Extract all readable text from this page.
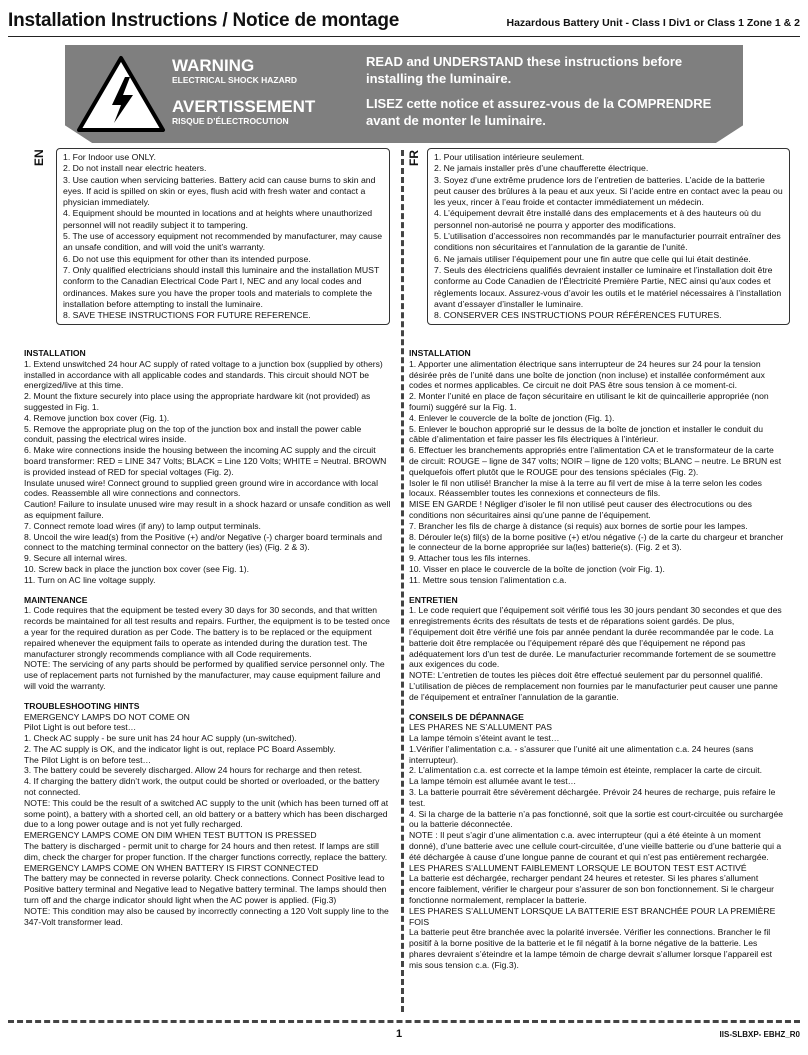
Installation Instructions / Notice de montage	Hazardous Battery Unit - Class I Div1 or Class 1 Zone 1 & 2
WARNING
ELECTRICAL SHOCK HAZARD
AVERTISSEMENT
RISQUE D’ÉLECTROCUTION
READ and UNDERSTAND these instructions before installing the luminaire.
LISEZ cette notice et assurez-vous de la COMPRENDRE avant de monter le luminaire.
EN	FR

1. For Indoor use ONLY.

2. Do not install near electric heaters.

3. Use caution when servicing batteries. Battery acid can cause burns to skin and eyes. If acid is spilled on skin or eyes, flush acid with fresh water and contact a physician immediately.

4. Equipment should be mounted in locations and at heights where unauthorized personnel will not readily subject it to tampering.

5. The use of accessory equipment not recommended by manufacturer, may cause an unsafe condition, and will void the unit’s warranty.

6. Do not use this equipment for other than its intended purpose.

7. Only qualified electricians should install this luminaire and the installation MUST conform to the Canadian Electrical Code Part I, NEC and any local codes and ordinances. Makes sure you have the proper tools and materials to complete the installation before attempting to install the luminaire.

8. SAVE THESE INSTRUCTIONS FOR FUTURE REFERENCE.

1. Pour utilisation intérieure seulement.

2. Ne jamais installer près d’une chaufferette électrique.

3. Soyez d’une extrême prudence lors de l’entretien de batteries. L’acide de la batterie peut causer des brûlures à la peau et aux yeux. Si l’acide entre en contact avec la peau ou les yeux, rincer à l’eau froide et contacter immédiatement un médecin.

4. L’équipement devrait être installé dans des emplacements et à des hauteurs où du personnel non-autorisé ne pourra y apporter des modifications.

5. L’utilisation d’accessoires non recommandés par le manufacturier pourrait entraîner des conditions non sécuritaires et l’annulation de la garantie de l’unité.

6. Ne jamais utiliser l’équipement pour une fin autre que celle qui lui était destinée.

7. Seuls des électriciens qualifiés devraient installer ce luminaire et l’installation doit être conforme au Code Canadien de l’Électricité Première Partie, NEC ainsi qu’aux codes et règlements locaux. Assurez-vous d’avoir les outils et le matériel nécessaires à l’installation avant d’essayer d’installer le luminaire.

8. CONSERVER CES INSTRUCTIONS POUR RÉFÉRENCES FUTURES.

INSTALLATION

1. Extend unswitched 24 hour AC supply of rated voltage to a junction box (supplied by others) installed in accordance with all applicable codes and standards. This circuit should NOT be energized/live at this time.

2. Mount the fixture securely into place using the appropriate hardware kit (not provided) as suggested in Fig. 1.

4. Remove junction box cover (Fig. 1).

5. Remove the appropriate plug on the top of the junction box and install the power cable conduit, passing the electrical wires inside.

6. Make wire connections inside the housing between the incoming AC supply and the circuit board transformer: RED = LINE 347 Volts; BLACK = Line 120 Volts; WHITE = Neutral. BROWN is provided instead of RED for special voltages (Fig. 2).

Insulate unused wire! Connect ground to supplied green ground wire in accordance with local codes. Reassemble all wire connections and connectors.

Caution! Failure to insulate unused wire may result in a shock hazard or unsafe condition as well as equipment failure.

7. Connect remote load wires (if any) to lamp output terminals.

8. Uncoil the wire lead(s) from the Positive (+) and/or Negative (-) charger board terminals and connect to the matching terminal connector on the battery (ies) (Fig. 2 & 3).

9. Secure all internal wires.

10. Screw back in place the junction box cover (see Fig. 1).

11. Turn on AC line voltage supply.

MAINTENANCE

1. Code requires that the equipment be tested every 30 days for 30 seconds, and that written records be maintained for all test results and repairs. Further, the equipment is to be tested once a year for the required duration as per Code. The battery is to be replaced or the equipment repaired whenever the equipment fails to operate as intended during the duration test. The manufacturer strongly recommends compliance with all Code requirements.

NOTE: The servicing of any parts should be performed by qualified service personnel only. The use of replacement parts not furnished by the manufacturer, may cause equipment failure and will void the warranty.

TROUBLESHOOTING HINTS

EMERGENCY LAMPS DO NOT COME ON

Pilot Light is out before test…

1. Check AC supply - be sure unit has 24 hour AC supply (un-switched).

2. The AC supply is OK, and the indicator light is out, replace PC Board Assembly.

The Pilot Light is on before test…

3. The battery could be severely discharged. Allow 24 hours for recharge and then retest.

4. If charging the battery didn’t work, the output could be shorted or overloaded, or the battery not connected.

NOTE: This could be the result of a switched AC supply to the unit (which has been turned off at some point), a battery with a shorted cell, an old battery or a battery which has been discharged due to a long power outage and is not yet fully recharged.

EMERGENCY LAMPS COME ON DIM WHEN TEST BUTTON IS PRESSED

The battery is discharged - permit unit to charge for 24 hours and then retest. If lamps are still dim, check the charger for proper function. If the charger functions correctly, replace the battery.

EMERGENCY LAMPS COME ON WHEN BATTERY IS FIRST CONNECTED

The battery may be connected in reverse polarity. Check connections. Connect Positive lead to Positive battery terminal and Negative lead to Negative battery terminal. The lamps should then turn off and the charge indicator should light when the AC power is applied. (Fig.3)

NOTE: This condition may also be caused by incorrectly connecting a 120 Volt supply line to the 347-Volt transformer lead.

INSTALLATION

1. Apporter une alimentation électrique sans interrupteur de 24 heures sur 24 pour la tension désirée près de l’unité dans une boîte de jonction (non incluse) et installée conformément aux codes et normes applicables. Ce circuit ne doit PAS être sous tension à ce moment-ci.

2. Monter l’unité en place de façon sécuritaire en utilisant le kit de quincaillerie appropriée (non fourni) suggéré sur la Fig. 1.

4. Enlever le couvercle de la boîte de jonction (Fig. 1).

5. Enlever le bouchon approprié sur le dessus de la boîte de jonction et installer le conduit du câble d’alimentation et faire passer les fils électriques à l’intérieur.

6. Effectuer les branchements appropriés entre l’alimentation CA et le transformateur de la carte de circuit: ROUGE – ligne de 347 volts; NOIR – ligne de 120 volts; BLANC – neutre. Le BRUN est quelquefois offert plutôt que le ROUGE pour des tensions spéciales (Fig. 2).

Isoler le fil non utilisé! Brancher la mise à la terre au fil vert de mise à la terre selon les codes locaux. Réassembler toutes les connexions et connecteurs de fils.

MISE EN GARDE ! Négliger d’isoler le fil non utilisé peut causer des électrocutions ou des conditions non sécuritaires ainsi qu’une panne de l’équipement.

7. Brancher les fils de charge à distance (si requis) aux bornes de sortie pour les lampes.

8. Dérouler le(s) fil(s) de la borne positive (+) et/ou négative (-) de la carte du chargeur et brancher le connecteur de la borne appropriée sur la(les) batterie(s). (Fig. 2 et 3).

9. Attacher tous les fils internes.

10. Visser en place le couvercle de la boîte de jonction (voir Fig. 1).

11. Mettre sous tension l’alimentation c.a.

ENTRETIEN

1. Le code requiert que l’équipement soit vérifié tous les 30 jours pendant 30 secondes et que des enregistrements écrits des résultats de tests et de réparations soient gardés. De plus, l’équipement doit être vérifié une fois par année pendant la durée recommandée par le code. La batterie doit être remplacée ou l’équipement réparé dès que l’équipement ne répond pas adéquatement lors d’un test de durée. Le manufacturier recommande fortement de se soumettre aux exigences du code.

NOTE: L’entretien de toutes les pièces doit être effectué seulement par du personnel qualifié. L’utilisation de pièces de remplacement non fournies par le manufacturier peut causer une panne de l’équipement et entraîner l’annulation de la garantie.

CONSEILS DE DÉPANNAGE

LES PHARES NE S’ALLUMENT PAS

La lampe témoin s’éteint avant le test…

1.Vérifier l’alimentation c.a. - s’assurer que l’unité ait une alimentation c.a. 24 heures (sans interrupteur).

2. L’alimentation c.a. est correcte et la lampe témoin est éteinte, remplacer la carte de circuit.

La lampe témoin est allumée avant le test…

3. La batterie pourrait être sévèrement déchargée. Prévoir 24 heures de recharge, puis refaire le test.

4. Si la charge de la batterie n’a pas fonctionné, soit que la sortie est court-circuitée ou surchargée ou la batterie déconnectée.

NOTE : Il peut s’agir d’une alimentation c.a. avec interrupteur (qui a été éteinte à un moment donné), d’une batterie avec une cellule court-circuitée, d’une vieille batterie ou d’une batterie qui a été déchargée à cause d’une longue panne de courant et qui n’est pas entièrement rechargée.

LES PHARES S’ALLUMENT FAIBLEMENT LORSQUE LE BOUTON TEST EST ACTIVÉ

La batterie est déchargée, recharger pendant 24 heures et retester. Si les phares s’allument encore faiblement, vérifier le chargeur pour s’assurer de son bon fonctionnement. Si le chargeur fonctionne normalement, remplacer la batterie.

LES PHARES S’ALLUMENT LORSQUE LA BATTERIE EST BRANCHÉE POUR LA PREMIÈRE FOIS

La batterie peut être branchée avec la polarité inversée. Vérifier les connections. Brancher le fil positif à la borne positive de la batterie et le fil négatif à la borne négative de la batterie. Les phares devraient s’éteindre et la lampe témoin de charge devrait s’allumer lorsque l’appareil est mis sous tension c.a. (Fig.3).

1	IIS-SLBXP- EBHZ_R0
